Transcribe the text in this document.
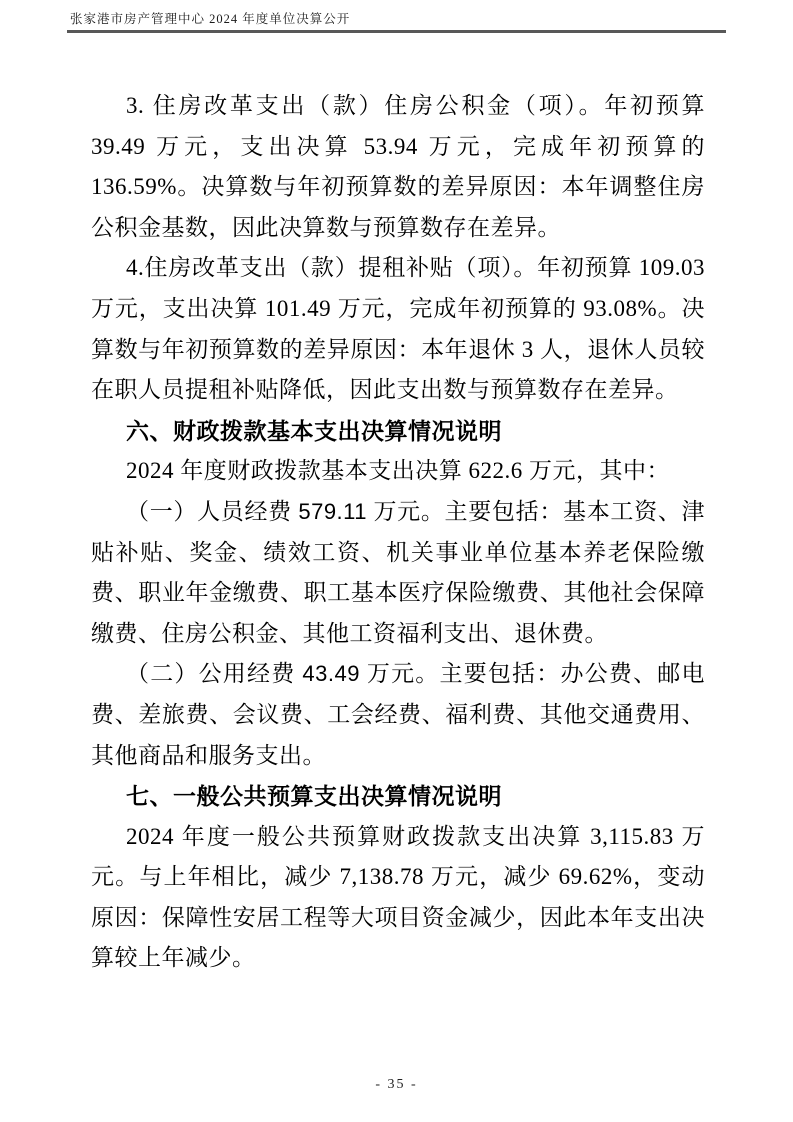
张家港市房产管理中心 2024 年度单位决算公开

3. 住房改革支出（款）住房公积金（项）。年初预算 39.49 万元，支出决算 53.94 万元，完成年初预算的 136.59%。决算数与年初预算数的差异原因：本年调整住房公积金基数，因此决算数与预算数存在差异。

4.住房改革支出（款）提租补贴（项）。年初预算 109.03 万元，支出决算 101.49 万元，完成年初预算的 93.08%。决算数与年初预算数的差异原因：本年退休 3 人，退休人员较在职人员提租补贴降低，因此支出数与预算数存在差异。

六、财政拨款基本支出决算情况说明

2024 年度财政拨款基本支出决算 622.6 万元，其中：

（一）人员经费 579.11 万元。主要包括：基本工资、津贴补贴、奖金、绩效工资、机关事业单位基本养老保险缴费、职业年金缴费、职工基本医疗保险缴费、其他社会保障缴费、住房公积金、其他工资福利支出、退休费。

（二）公用经费 43.49 万元。主要包括：办公费、邮电费、差旅费、会议费、工会经费、福利费、其他交通费用、其他商品和服务支出。

七、一般公共预算支出决算情况说明

2024 年度一般公共预算财政拨款支出决算 3,115.83 万元。与上年相比，减少 7,138.78 万元，减少 69.62%，变动原因：保障性安居工程等大项目资金减少，因此本年支出决算较上年减少。

- 35 -
